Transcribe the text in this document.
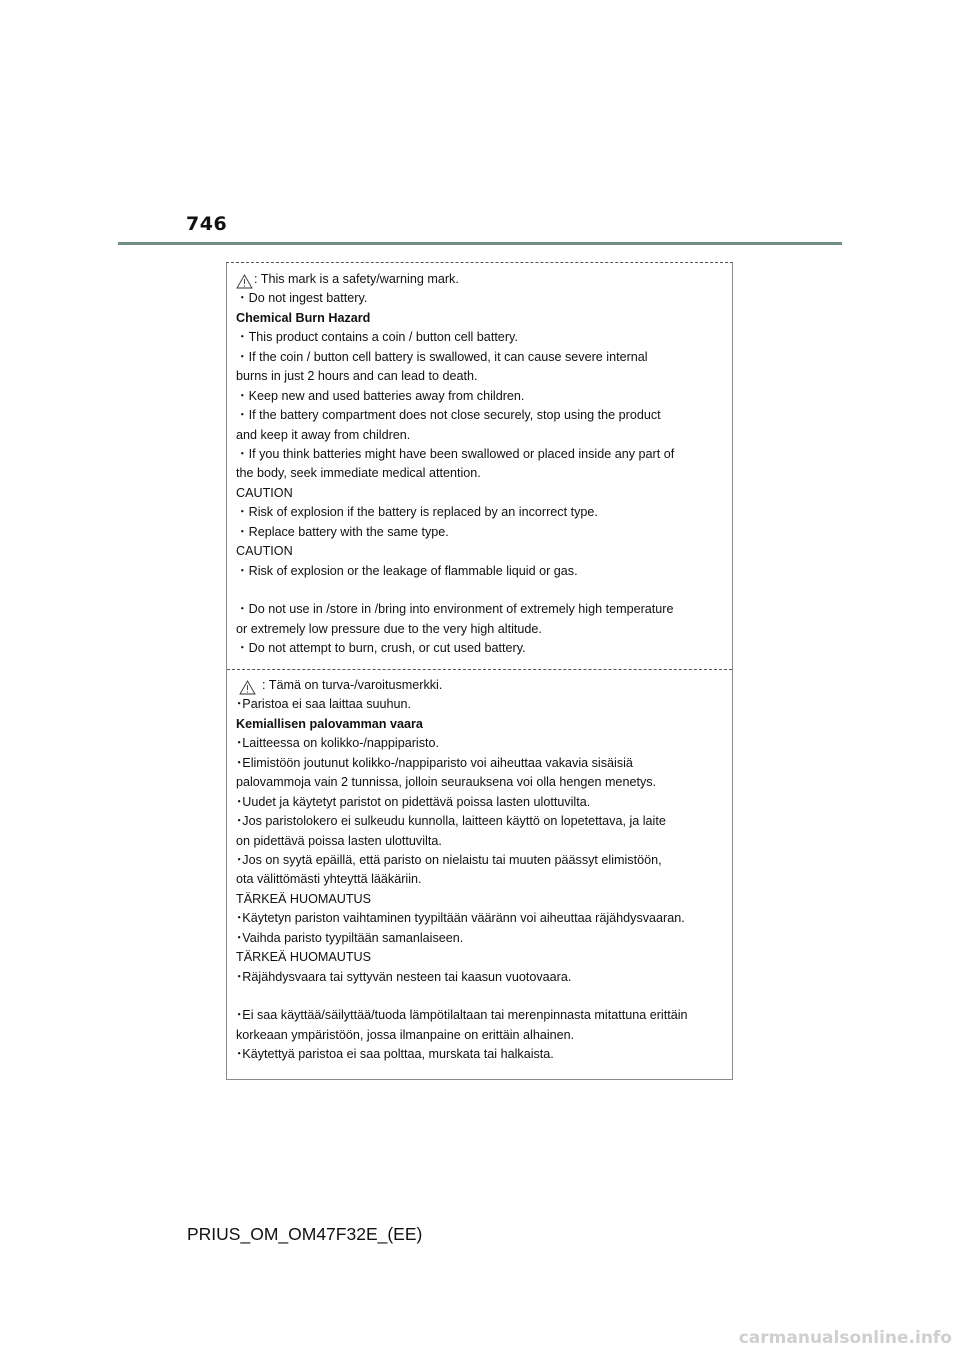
746
: This mark is a safety/warning mark.
・Do not ingest battery.
Chemical Burn Hazard
・This product contains a coin / button cell battery.
・If the coin / button cell battery is swallowed, it can cause severe internal
burns in just 2 hours and can lead to death.
・Keep new and used batteries away from children.
・If the battery compartment does not close securely, stop using the product
and keep it away from children.
・If you think batteries might have been swallowed or placed inside any part of
the body, seek immediate medical attention.
CAUTION
・Risk of explosion if the battery is replaced by an incorrect type.
・Replace battery with the same type.
CAUTION
・Risk of explosion or the leakage of flammable liquid or gas.
・Do not use in /store in /bring into environment of extremely high temperature
or extremely low pressure due to the very high altitude.
・Do not attempt to burn, crush, or cut used battery.
: Tämä on turva-/varoitusmerkki.
･Paristoa ei saa laittaa suuhun.
Kemiallisen palovamman vaara
･Laitteessa on kolikko-/nappiparisto.
･Elimistöön joutunut kolikko-/nappiparisto voi aiheuttaa vakavia sisäisiä
palovammoja vain 2 tunnissa, jolloin seurauksena voi olla hengen menetys.
･Uudet ja käytetyt paristot on pidettävä poissa lasten ulottuvilta.
･Jos paristolokero ei sulkeudu kunnolla, laitteen käyttö on lopetettava, ja laite
on pidettävä poissa lasten ulottuvilta.
･Jos on syytä epäillä, että paristo on nielaistu tai muuten päässyt elimistöön,
ota välittömästi yhteyttä lääkäriin.
TÄRKEÄ HUOMAUTUS
･Käytetyn pariston vaihtaminen tyypiltään vääränn voi aiheuttaa räjähdysvaaran.
･Vaihda paristo tyypiltään samanlaiseen.
TÄRKEÄ HUOMAUTUS
･Räjähdysvaara tai syttyvän nesteen tai kaasun vuotovaara.
･Ei saa käyttää/säilyttää/tuoda lämpötilaltaan tai merenpinnasta mitattuna erittäin
korkeaan ympäristöön, jossa ilmanpaine on erittäin alhainen.
･Käytettyä paristoa ei saa polttaa, murskata tai halkaista.
PRIUS_OM_OM47F32E_(EE)
carmanualsonline.info
